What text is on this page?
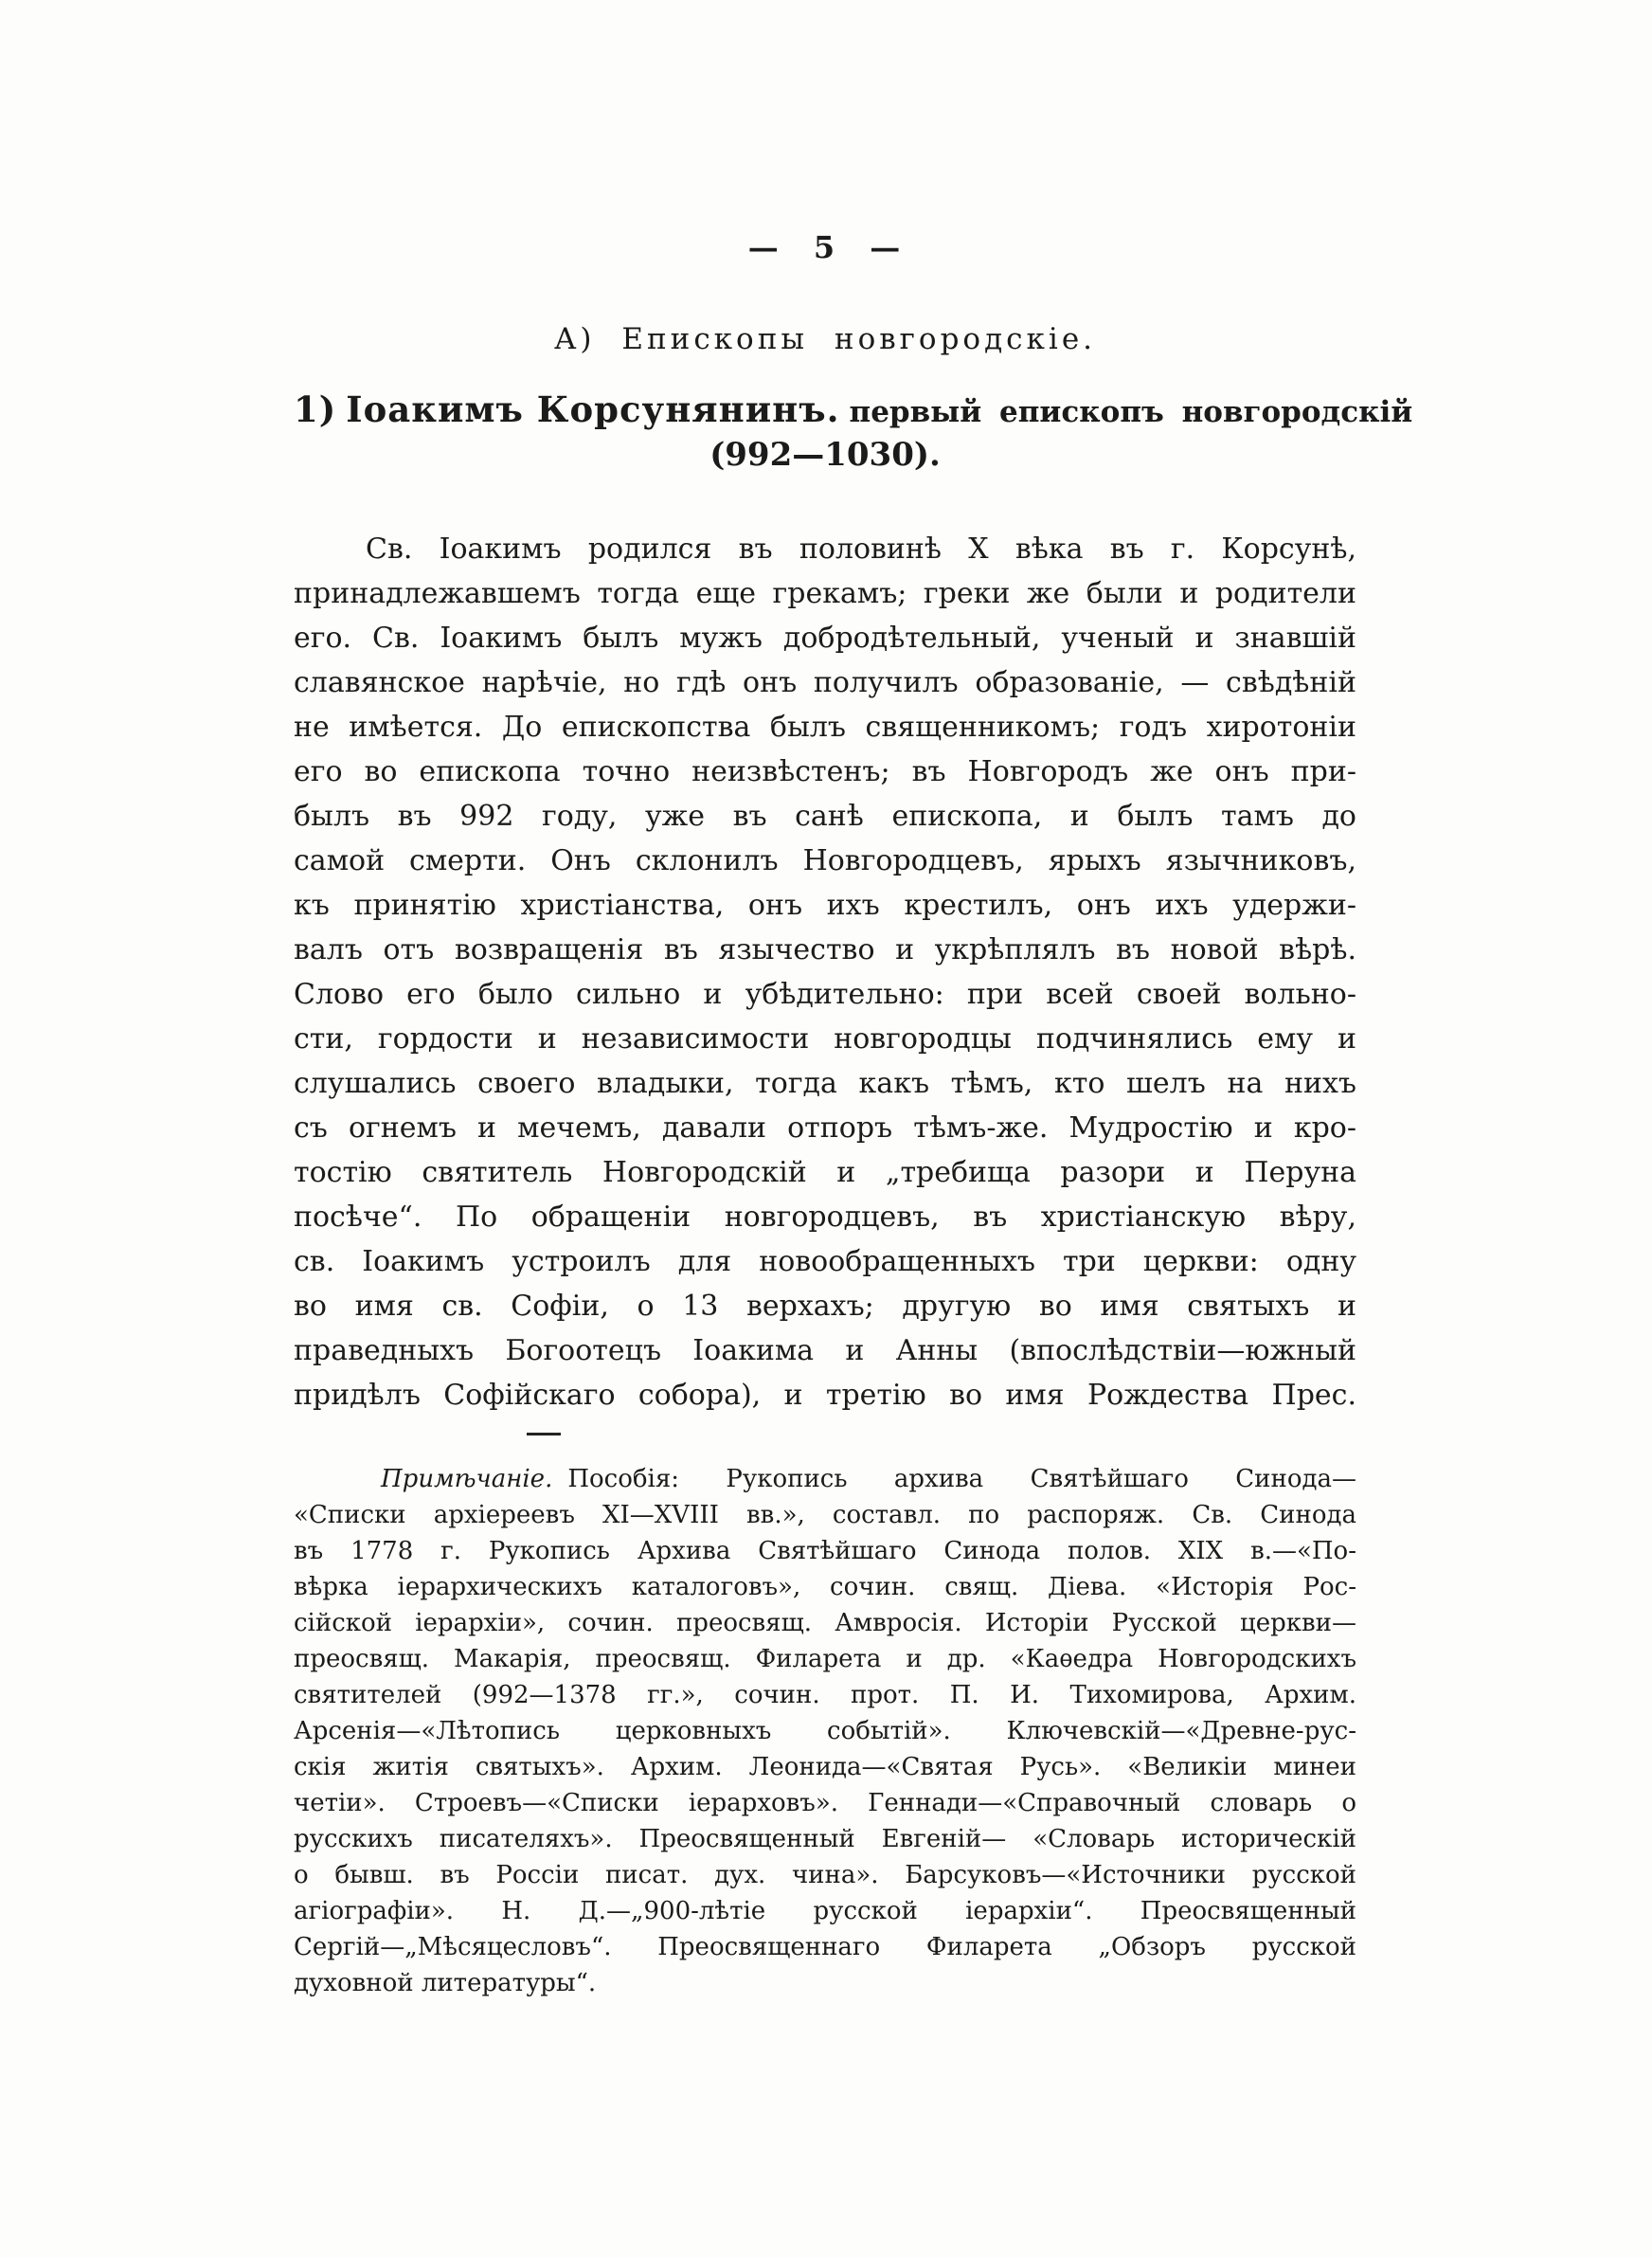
— 5 —
А) Епископы новгородскіе.
1) Іоакимъ Корсунянинъ. первый епископъ новгородскій
(992—1030).
Св. Іоакимъ родился въ половинѣ X вѣка въ г. Корсунѣ,
принадлежавшемъ тогда еще грекамъ; греки же были и родители
его. Св. Іоакимъ былъ мужъ добродѣтельный, ученый и знавшій
славянское нарѣчіе, но гдѣ онъ получилъ образованіе, — свѣдѣній
не имѣется. До епископства былъ священникомъ; годъ хиротоніи
его во епископа точно неизвѣстенъ; въ Новгородъ же онъ при-
былъ въ 992 году, уже въ санѣ епископа, и былъ тамъ до
самой смерти. Онъ склонилъ Новгородцевъ, ярыхъ язычниковъ,
къ принятію христіанства, онъ ихъ крестилъ, онъ ихъ удержи-
валъ отъ возвращенія въ язычество и укрѣплялъ въ новой вѣрѣ.
Слово его было сильно и убѣдительно: при всей своей вольно-
сти, гордости и независимости новгородцы подчинялись ему и
слушались своего владыки, тогда какъ тѣмъ, кто шелъ на нихъ
съ огнемъ и мечемъ, давали отпоръ тѣмъ-же. Мудростію и кро-
тостію святитель Новгородскій и „требища разори и Перуна
посѣче“. По обращеніи новгородцевъ, въ христіанскую вѣру,
св. Іоакимъ устроилъ для новообращенныхъ три церкви: одну
во имя св. Софіи, о 13 верхахъ; другую во имя святыхъ и
праведныхъ Богоотецъ Іоакима и Анны (впослѣдствіи—южный
придѣлъ Софійскаго собора), и третію во имя Рождества Прес.
Примѣчаніе. Пособія: Рукопись архива Святѣйшаго Синода—
«Списки архіереевъ XI—XVIII вв.», составл. по распоряж. Св. Синода
въ 1778 г. Рукопись Архива Святѣйшаго Синода полов. XIX в.—«По-
вѣрка іерархическихъ каталоговъ», сочин. свящ. Діева. «Исторія Рос-
сійской іерархіи», сочин. преосвящ. Амвросія. Исторіи Русской церкви—
преосвящ. Макарія, преосвящ. Филарета и др. «Каѳедра Новгородскихъ
святителей (992—1378 гг.», сочин. прот. П. И. Тихомирова, Архим.
Арсенія—«Лѣтопись церковныхъ событій». Ключевскій—«Древне-рус-
скія житія святыхъ». Архим. Леонида—«Святая Русь». «Великіи минеи
четіи». Строевъ—«Списки іерарховъ». Геннади—«Справочный словарь о
русскихъ писателяхъ». Преосвященный Евгеній— «Словарь историческій
о бывш. въ Россіи писат. дух. чина». Барсуковъ—«Источники русской
агіографіи». Н. Д.—„900-лѣтіе русской іерархіи“. Преосвященный
Сергій—„Мѣсяцесловъ“. Преосвященнаго Филарета „Обзоръ русской
духовной литературы“.
